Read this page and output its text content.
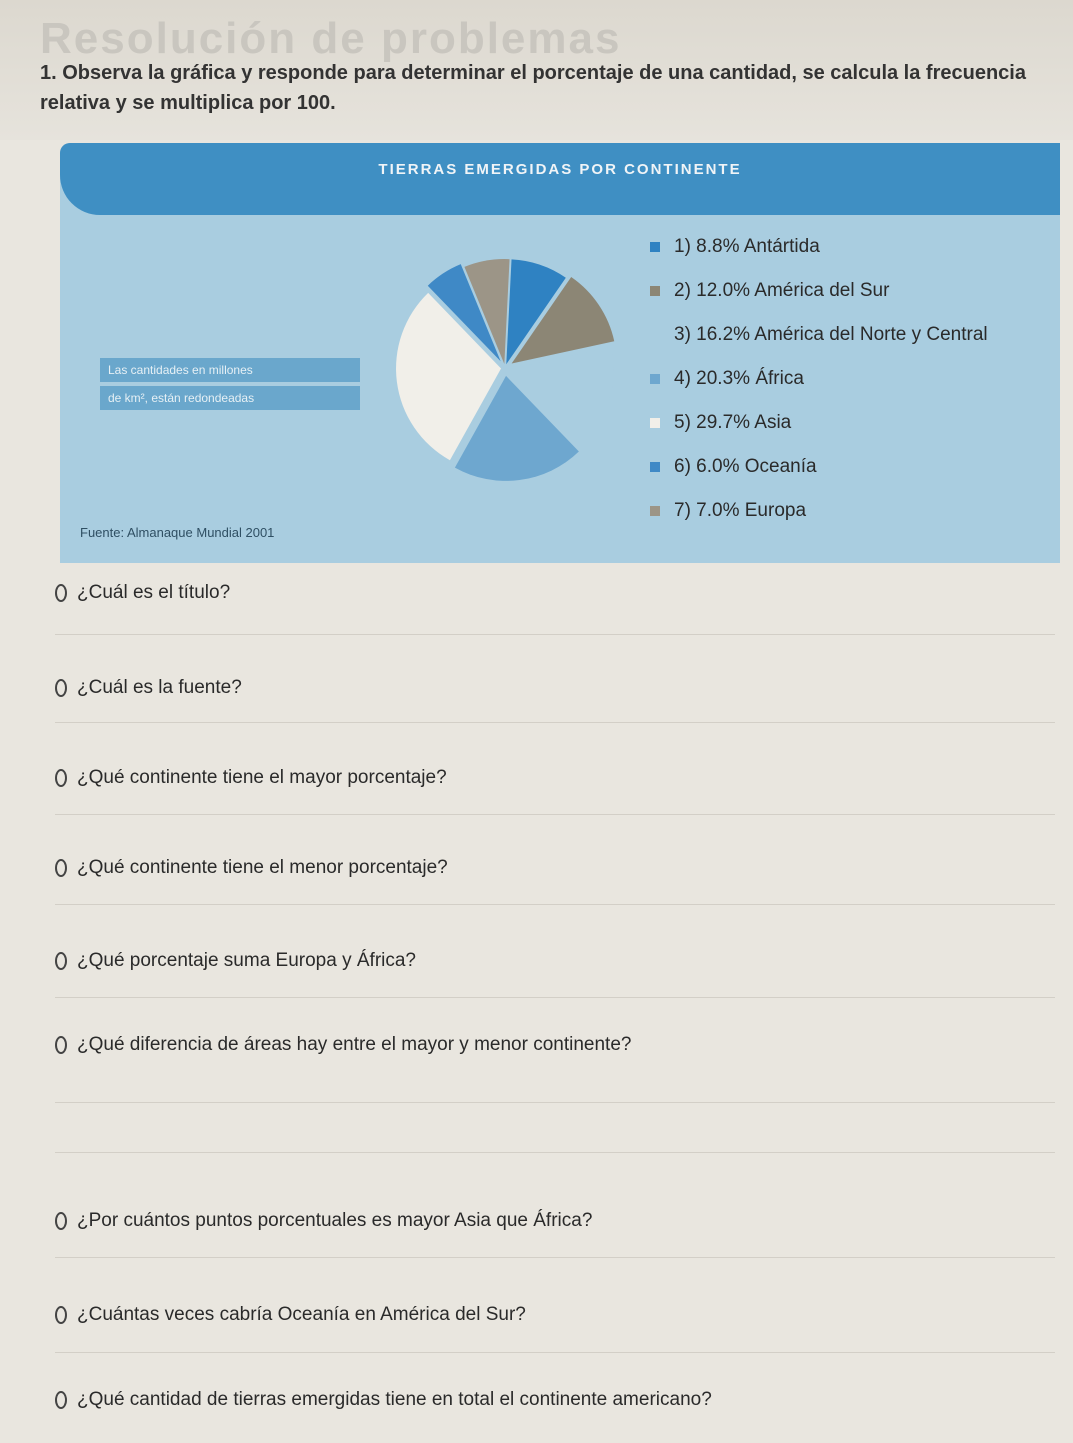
Resolución de problemas

1. Observa la gráfica y responde para determinar el porcentaje de una cantidad, se calcula la frecuencia relativa y se multiplica por 100.

TIERRAS EMERGIDAS POR CONTINENTE
Las cantidades en millones
de km², están redondeadas
1) 8.8% Antártida
2) 12.0% América del Sur
3) 16.2% América del Norte y Central
4) 20.3% África
5) 29.7% Asia
6) 6.0% Oceanía
7) 7.0% Europa
Fuente: Almanaque Mundial 2001
¿Cuál es el título?
¿Cuál es la fuente?
¿Qué continente tiene el mayor porcentaje?
¿Qué continente tiene el menor porcentaje?
¿Qué porcentaje suma Europa y África?
¿Qué diferencia de áreas hay entre el mayor y menor continente?
¿Por cuántos puntos porcentuales es mayor Asia que África?
¿Cuántas veces cabría Oceanía en América del Sur?
¿Qué cantidad de tierras emergidas tiene en total el continente americano?
